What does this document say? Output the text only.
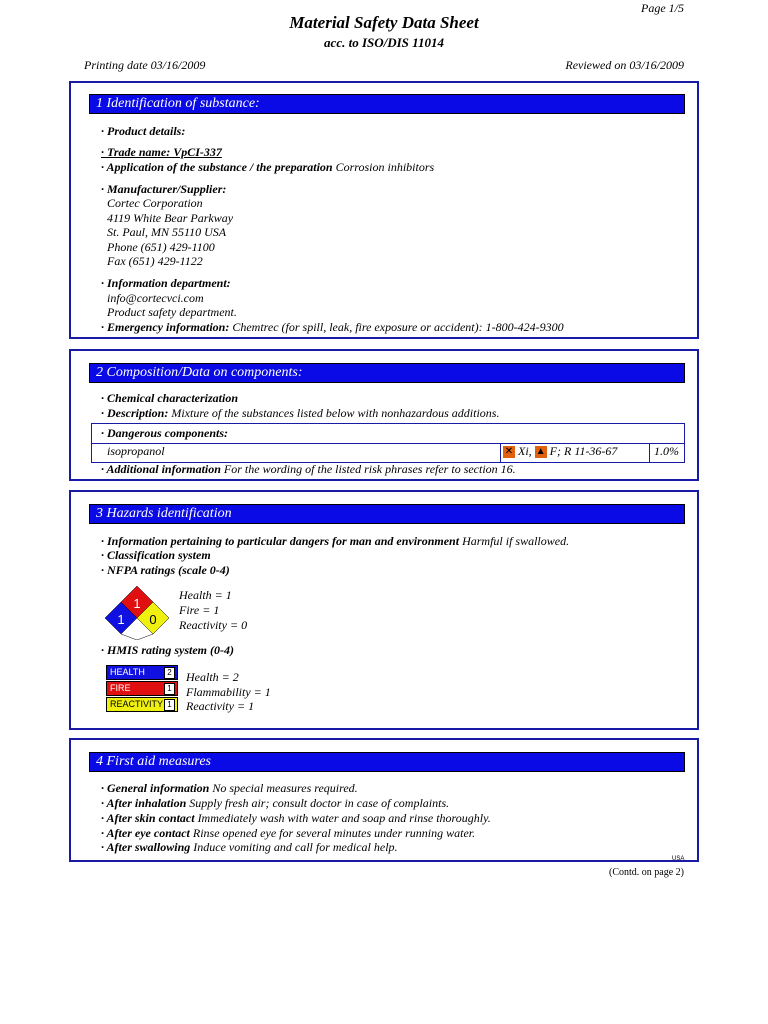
Page 1/5
Material Safety Data Sheet
acc. to ISO/DIS 11014
Printing date 03/16/2009	Reviewed on 03/16/2009
1 Identification of substance:
· Product details:
· Trade name: VpCI-337
· Application of the substance / the preparation Corrosion inhibitors
· Manufacturer/Supplier:
Cortec Corporation
4119 White Bear Parkway
St. Paul, MN 55110 USA
Phone (651) 429-1100
Fax (651) 429-1122
· Information department:
info@cortecvci.com
Product safety department.
· Emergency information: Chemtrec (for spill, leak, fire exposure or accident): 1-800-424-9300
2 Composition/Data on components:
· Chemical characterization
· Description: Mixture of the substances listed below with nonhazardous additions.
· Dangerous components:
isopropanol	✕ Xi, ▲ F; R 11-36-67	1.0%
· Additional information For the wording of the listed risk phrases refer to section 16.
3 Hazards identification
· Information pertaining to particular dangers for man and environment Harmful if swallowed.
· Classification system
· NFPA ratings (scale 0-4)
1
1 0
Health = 1
Fire = 1
Reactivity = 0
· HMIS rating system (0-4)
HEALTH	2
FIRE	1
REACTIVITY 1
Health = 2
Flammability = 1
Reactivity = 1
4 First aid measures
· General information No special measures required.
· After inhalation Supply fresh air; consult doctor in case of complaints.
· After skin contact Immediately wash with water and soap and rinse thoroughly.
· After eye contact Rinse opened eye for several minutes under running water.
· After swallowing Induce vomiting and call for medical help.
USA
(Contd. on page 2)
